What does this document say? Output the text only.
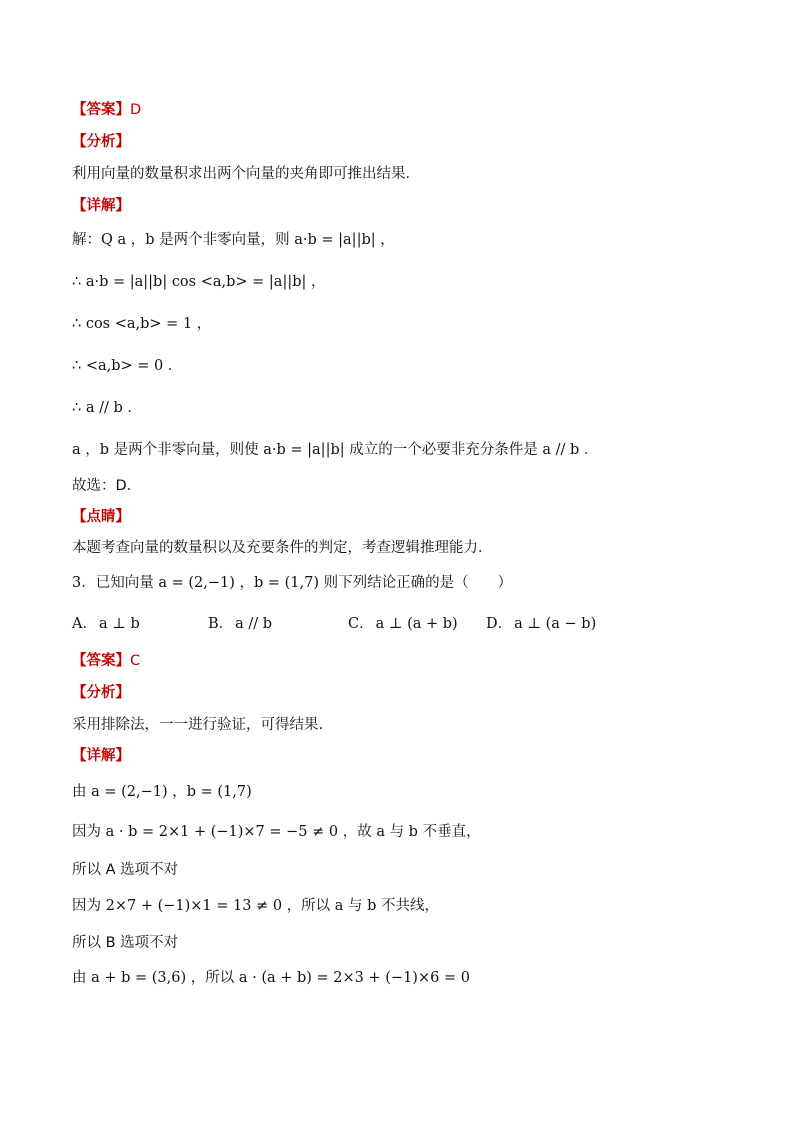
【答案】D
【分析】
利用向量的数量积求出两个向量的夹角即可推出结果．
【详解】
解：Q a ，b 是两个非零向量，则 a·b = |a||b| ，
∴ a·b = |a||b| cos <a,b> = |a||b| ，
∴ cos <a,b> = 1 ，
∴ <a,b> = 0 ．
∴ a // b ．
a ，b 是两个非零向量，则使 a·b = |a||b| 成立的一个必要非充分条件是 a // b ．
故选：D．
【点睛】
本题考查向量的数量积以及充要条件的判定，考查逻辑推理能力．
3．已知向量 a = (2,−1) ，b = (1,7) 则下列结论正确的是（　　）
A． a ⊥ b	B． a // b	C． a ⊥ (a + b) D． a ⊥ (a − b)
【答案】C
【分析】
采用排除法，一一进行验证，可得结果.
【详解】
由 a = (2,−1) ，b = (1,7)
因为 a · b = 2×1 + (−1)×7 = −5 ≠ 0 ，故 a 与 b 不垂直，
所以 A 选项不对
因为 2×7 + (−1)×1 = 13 ≠ 0 ，所以 a 与 b 不共线，
所以 B 选项不对
由 a + b = (3,6) ，所以 a · (a + b) = 2×3 + (−1)×6 = 0
